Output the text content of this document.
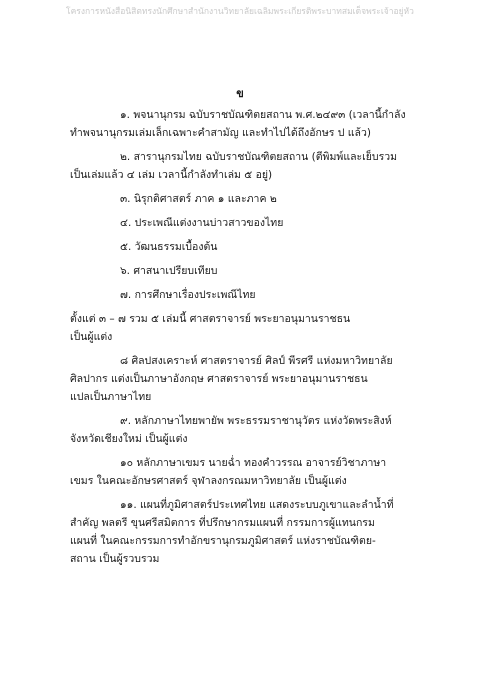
โครงการหนังสือนิสิตทรงนักศึกษาสำนักงานวิทยาลัยเฉลิมพระเกียรติพระบาทสมเด็จพระเจ้าอยู่หัว
ข
๑. พจนานุกรม ฉบับราชบัณฑิตยสถาน พ.ศ.๒๔๙๓ (เวลานี้กำลัง
ทำพจนานุกรมเล่มเล็กเฉพาะคำสามัญ และทำไปได้ถึงอักษร ป แล้ว)
๒. สารานุกรมไทย ฉบับราชบัณฑิตยสถาน (ตีพิมพ์และเย็บรวม
เป็นเล่มแล้ว ๔ เล่ม เวลานี้กำลังทำเล่ม ๕ อยู่)
๓. นิรุกติศาสตร์ ภาค ๑ และภาค ๒
๔. ประเพณีแต่งงานบ่าวสาวของไทย
๕. วัฒนธรรมเบื้องต้น
๖. ศาสนาเปรียบเทียบ
๗. การศึกษาเรื่องประเพณีไทย
ตั้งแต่ ๓ – ๗ รวม ๕ เล่มนี้ ศาสตราจารย์ พระยาอนุมานราชธน
เป็นผู้แต่ง
๘ ศิลปสงเคราะห์ ศาสตราจารย์ ศิลป์ พีรศรี แห่งมหาวิทยาลัย
ศิลปากร แต่งเป็นภาษาอังกฤษ ศาสตราจารย์ พระยาอนุมานราชธน
แปลเป็นภาษาไทย
๙. หลักภาษาไทยพายัพ พระธรรมราชานุวัตร แห่งวัดพระสิงห์
จังหวัดเชียงใหม่ เป็นผู้แต่ง
๑๐ หลักภาษาเขมร นายฉ่ำ ทองคำวรรณ อาจารย์วิชาภาษา
เขมร ในคณะอักษรศาสตร์ จุฬาลงกรณมหาวิทยาลัย เป็นผู้แต่ง
๑๑. แผนที่ภูมิศาสตร์ประเทศไทย แสดงระบบภูเขาและลำน้ำที่
สำคัญ พลตรี ขุนศรีสมิตการ ที่ปรึกษากรมแผนที่ กรรมการผู้แทนกรม
แผนที่ ในคณะกรรมการทำอักขรานุกรมภูมิศาสตร์ แห่งราชบัณฑิตย-
สถาน เป็นผู้รวบรวม
